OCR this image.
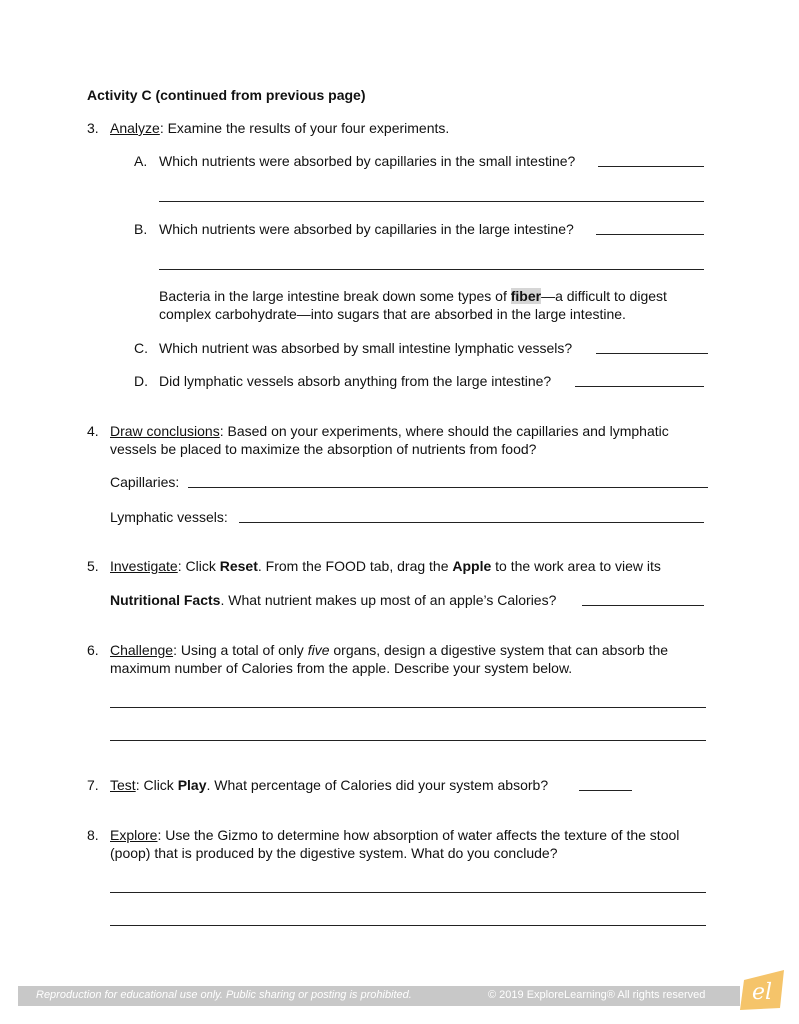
Activity C (continued from previous page)
3. Analyze: Examine the results of your four experiments.
A. Which nutrients were absorbed by capillaries in the small intestine?
B. Which nutrients were absorbed by capillaries in the large intestine?
Bacteria in the large intestine break down some types of fiber—a difficult to digest
complex carbohydrate—into sugars that are absorbed in the large intestine.
C. Which nutrient was absorbed by small intestine lymphatic vessels?
D. Did lymphatic vessels absorb anything from the large intestine?
4. Draw conclusions: Based on your experiments, where should the capillaries and lymphatic
vessels be placed to maximize the absorption of nutrients from food?
Capillaries:
Lymphatic vessels:
5. Investigate: Click Reset. From the FOOD tab, drag the Apple to the work area to view its
Nutritional Facts. What nutrient makes up most of an apple’s Calories?
6. Challenge: Using a total of only five organs, design a digestive system that can absorb the
maximum number of Calories from the apple. Describe your system below.
7. Test: Click Play. What percentage of Calories did your system absorb?
8. Explore: Use the Gizmo to determine how absorption of water affects the texture of the stool
(poop) that is produced by the digestive system. What do you conclude?
Reproduction for educational use only. Public sharing or posting is prohibited.	© 2019 ExploreLearning® All rights reserved el
